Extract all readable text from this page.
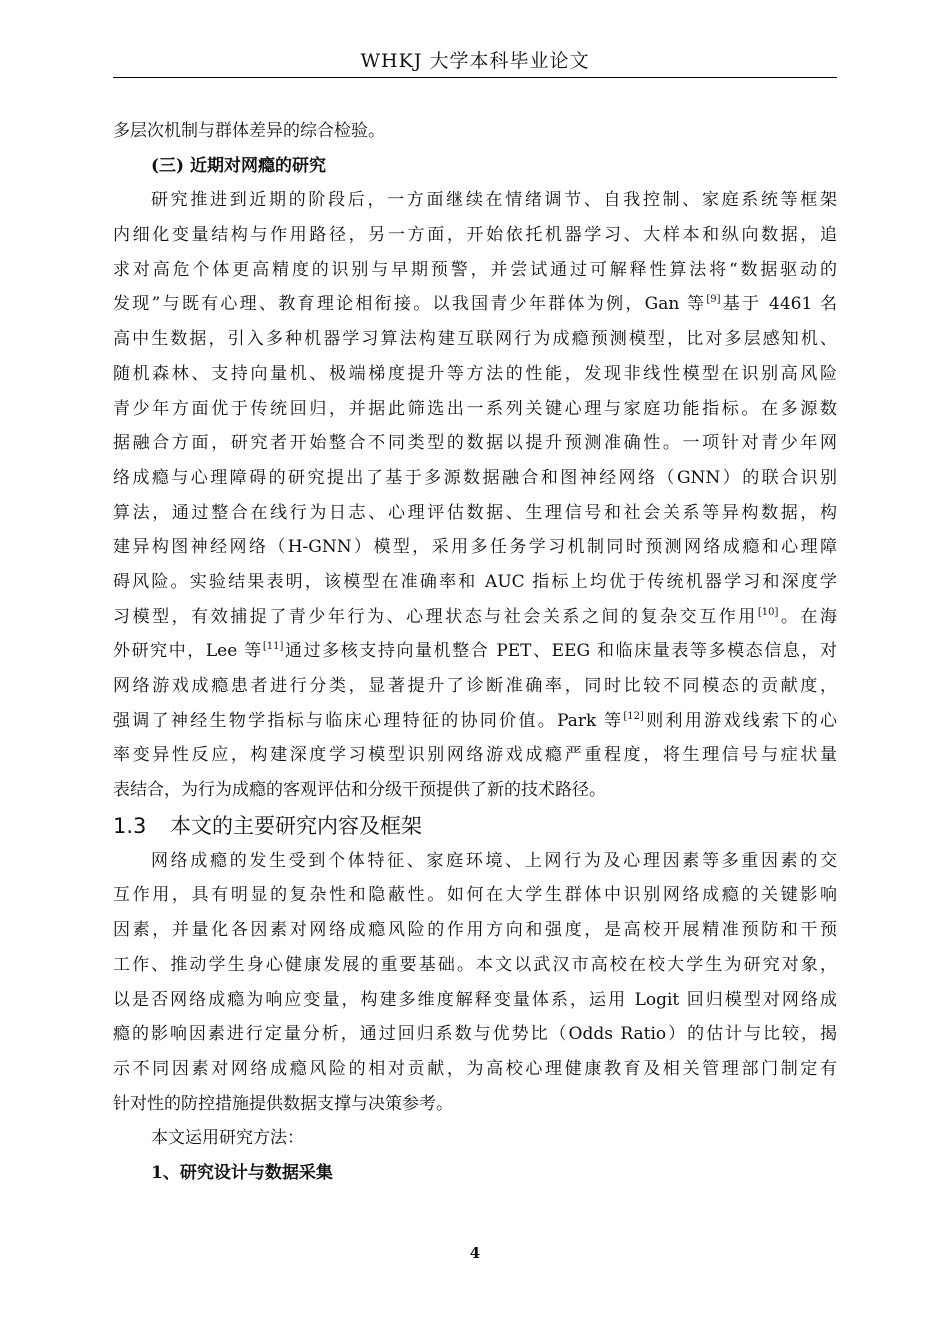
WHKJ 大学本科毕业论文
多层次机制与群体差异的综合检验。
(三) 近期对网瘾的研究
研究推进到近期的阶段后，一方面继续在情绪调节、自我控制、家庭系统等框架
内细化变量结构与作用路径，另一方面，开始依托机器学习、大样本和纵向数据，追
求对高危个体更高精度的识别与早期预警，并尝试通过可解释性算法将“数据驱动的
发现”与既有心理、教育理论相衔接。以我国青少年群体为例，Gan 等[9]基于 4461 名
高中生数据，引入多种机器学习算法构建互联网行为成瘾预测模型，比对多层感知机、
随机森林、支持向量机、极端梯度提升等方法的性能，发现非线性模型在识别高风险
青少年方面优于传统回归，并据此筛选出一系列关键心理与家庭功能指标。在多源数
据融合方面，研究者开始整合不同类型的数据以提升预测准确性。一项针对青少年网
络成瘾与心理障碍的研究提出了基于多源数据融合和图神经网络（GNN）的联合识别
算法，通过整合在线行为日志、心理评估数据、生理信号和社会关系等异构数据，构
建异构图神经网络（H-GNN）模型，采用多任务学习机制同时预测网络成瘾和心理障
碍风险。实验结果表明，该模型在准确率和 AUC 指标上均优于传统机器学习和深度学
习模型，有效捕捉了青少年行为、心理状态与社会关系之间的复杂交互作用[10]。在海
外研究中，Lee 等[11]通过多核支持向量机整合 PET、EEG 和临床量表等多模态信息，对
网络游戏成瘾患者进行分类，显著提升了诊断准确率，同时比较不同模态的贡献度，
强调了神经生物学指标与临床心理特征的协同价值。Park 等[12]则利用游戏线索下的心
率变异性反应，构建深度学习模型识别网络游戏成瘾严重程度，将生理信号与症状量
表结合，为行为成瘾的客观评估和分级干预提供了新的技术路径。
1.3 本文的主要研究内容及框架
网络成瘾的发生受到个体特征、家庭环境、上网行为及心理因素等多重因素的交
互作用，具有明显的复杂性和隐蔽性。如何在大学生群体中识别网络成瘾的关键影响
因素，并量化各因素对网络成瘾风险的作用方向和强度，是高校开展精准预防和干预
工作、推动学生身心健康发展的重要基础。本文以武汉市高校在校大学生为研究对象，
以是否网络成瘾为响应变量，构建多维度解释变量体系，运用 Logit 回归模型对网络成
瘾的影响因素进行定量分析，通过回归系数与优势比（Odds Ratio）的估计与比较，揭
示不同因素对网络成瘾风险的相对贡献，为高校心理健康教育及相关管理部门制定有
针对性的防控措施提供数据支撑与决策参考。
本文运用研究方法：
1、研究设计与数据采集
4
